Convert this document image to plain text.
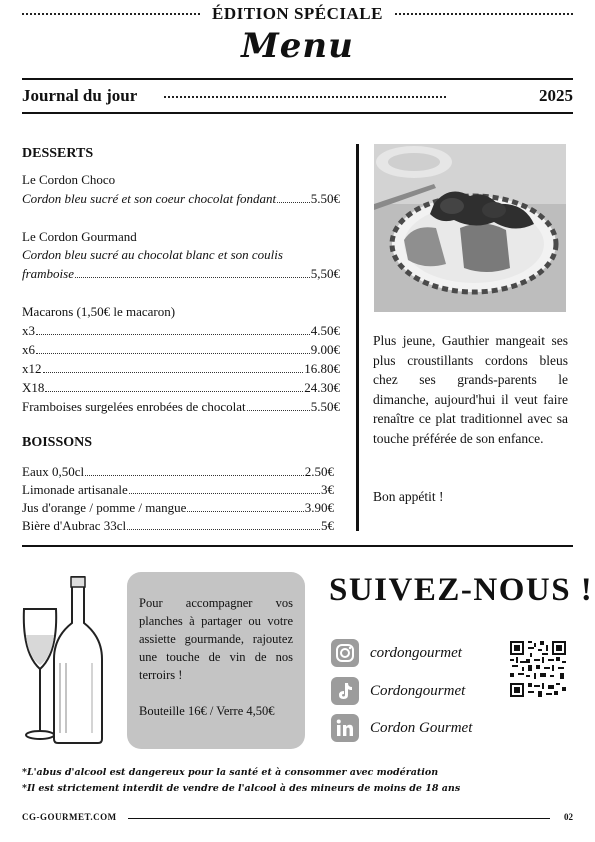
ÉDITION SPÉCIALE
Menu
Journal du jour	2025
DESSERTS
Le Cordon Choco
Cordon bleu sucré et son coeur chocolat fondant	5.50€
Le Cordon Gourmand
Cordon bleu sucré au chocolat blanc et son coulis
framboise	5,50€
Macarons (1,50€ le macaron)
x3	4.50€
x6	9.00€
x12	16.80€
X18	24.30€
Framboises surgelées enrobées de chocolat	5.50€
BOISSONS
Eaux 0,50cl	2.50€
Limonade artisanale	3€
Jus d'orange / pomme / mangue	3.90€
Bière d'Aubrac 33cl	5€
Plus jeune, Gauthier mangeait ses plus croustillants cordons bleus chez ses grands-parents le dimanche, aujourd'hui il veut faire renaître ce plat traditionnel avec sa touche préférée de son enfance.
Bon appétit !
Pour accompagner vos planches à partager ou votre assiette gourmande, rajoutez une touche de vin de nos terroirs !
Bouteille 16€ / Verre 4,50€
SUIVEZ-NOUS !
cordongourmet
Cordongourmet
Cordon Gourmet
*L'abus d'alcool est dangereux pour la santé et à consommer avec modération
*Il est strictement interdit de vendre de l'alcool à des mineurs de moins de 18 ans
CG-GOURMET.COM	02
